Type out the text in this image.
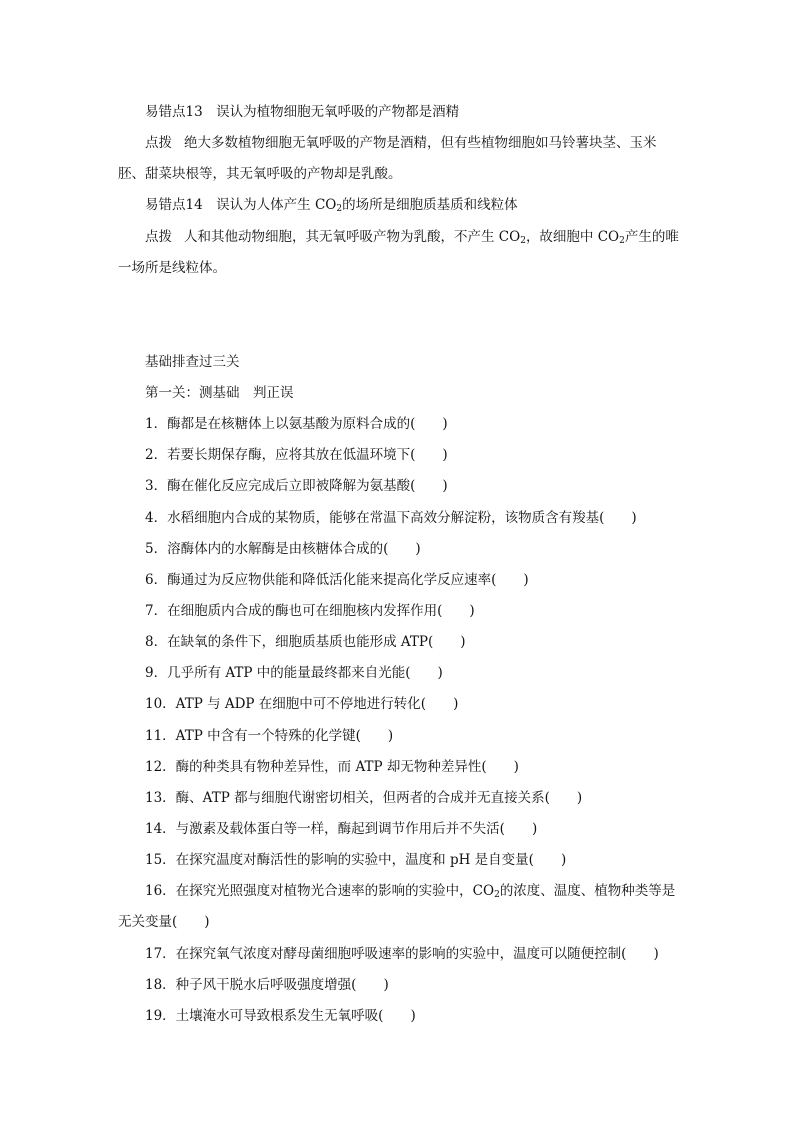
易错点13　误认为植物细胞无氧呼吸的产物都是酒精
点拨 绝大多数植物细胞无氧呼吸的产物是酒精，但有些植物细胞如马铃薯块茎、玉米
胚、甜菜块根等，其无氧呼吸的产物却是乳酸。
易错点14　误认为人体产生 $CO_2$的场所是细胞质基质和线粒体
点拨 人和其他动物细胞，其无氧呼吸产物为乳酸，不产生 $CO_2$，故细胞中 $CO_2$产生的唯
一场所是线粒体。
基础排查过三关
第一关：测基础　判正误
1．酶都是在核糖体上以氨基酸为原料合成的(　　)
2．若要长期保存酶，应将其放在低温环境下(　　)
3．酶在催化反应完成后立即被降解为氨基酸(　　)
4．水稻细胞内合成的某物质，能够在常温下高效分解淀粉，该物质含有羧基(　　)
5．溶酶体内的水解酶是由核糖体合成的(　　)
6．酶通过为反应物供能和降低活化能来提高化学反应速率(　　)
7．在细胞质内合成的酶也可在细胞核内发挥作用(　　)
8．在缺氧的条件下，细胞质基质也能形成 ATP(　　)
9．几乎所有 ATP 中的能量最终都来自光能(　　)
10．ATP 与 ADP 在细胞中可不停地进行转化(　　)
11．ATP 中含有一个特殊的化学键(　　)
12．酶的种类具有物种差异性，而 ATP 却无物种差异性(　　)
13．酶、ATP 都与细胞代谢密切相关，但两者的合成并无直接关系(　　)
14．与激素及载体蛋白等一样，酶起到调节作用后并不失活(　　)
15．在探究温度对酶活性的影响的实验中，温度和 pH 是自变量(　　)
16．在探究光照强度对植物光合速率的影响的实验中，$CO_2$的浓度、温度、植物种类等是
无关变量(　　)
17．在探究氧气浓度对酵母菌细胞呼吸速率的影响的实验中，温度可以随便控制(　　)
18．种子风干脱水后呼吸强度增强(　　)
19．土壤淹水可导致根系发生无氧呼吸(　　)
